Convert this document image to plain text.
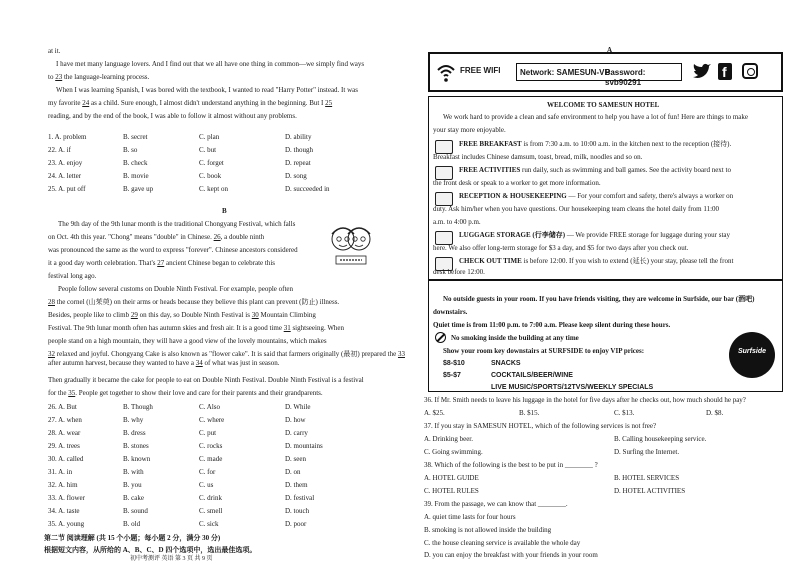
at it.
I have met many language lovers. And I find out that we all have one thing in common—we simply find ways
to 23 the language-learning process.
When I was learning Spanish, I was bored with the textbook, I wanted to read "Harry Potter" instead. It was
my favorite 24 as a child. Sure enough, I almost didn't understand anything in the beginning. But I 25
reading, and by the end of the book, I was able to follow it almost without any problems.
1. A. problem	B. secret	C. plan	D. ability
22. A. if	B. so	C. but	D. though
23. A. enjoy	B. check	C. forget	D. repeat
24. A. letter	B. movie	C. book	D. song
25. A. put off	B. gave up	C. kept on	D. succeeded in
B
The 9th day of the 9th lunar month is the traditional Chongyang Festival, which falls
on Oct. 4th this year. "Chong" means "double" in Chinese. 26, a double ninth
was pronounced the same as the word to express "forever". Chinese ancestors considered
it a good day worth celebration. That's 27 ancient Chinese began to celebrate this
festival long ago.
People follow several customs on Double Ninth Festival. For example, people often
28 the cornel (山茱萸) on their arms or heads because they believe this plant can prevent (防止) illness.
Besides, people like to climb 29 on this day, so Double Ninth Festival is 30 Mountain Climbing
Festival. The 9th lunar month often has autumn skies and fresh air. It is a good time 31 sightseeing. When
people stand on a high mountain, they will have a good view of the lovely mountains, which makes
32 relaxed and joyful. Chongyang Cake is also known as "flower cake". It is said that farmers originally (最初) prepared the 33 after autumn harvest, because they wanted to have a 34 of what was just in season.
Then gradually it became the cake for people to eat on Double Ninth Festival. Double Ninth Festival is a festival
for the 35. People get together to show their love and care for their parents and their grandparents.
26. A. But	B. Though	C. Also	D. While
27. A. when	B. why	C. where	D. how
28. A. wear	B. dress	C. put	D. carry
29. A. trees	B. stones	C. rocks	D. mountains
30. A. called	B. known	C. made	D. seen
31. A. in	B. with	C. for	D. on
32. A. him	B. you	C. us	D. them
33. A. flower	B. cake	C. drink	D. festival
34. A. taste	B. sound	C. smell	D. touch
35. A. young	B. old	C. sick	D. poor
第二节 阅读理解 (共 15 个小题；每小题 2 分，满分 30 分)
根据短文内容，从所给的 A、B、C、D 四个选项中，选出最佳选项。
初中考测评 英语 第 3 页 共 9 页
A
FREE WIFI Network: SAMESUN-VB
Password: svb90291
f
WELCOME TO SAMESUN HOTEL
We work hard to provide a clean and safe environment to help you have a lot of fun! Here are things to make
your stay more enjoyable.
FREE BREAKFAST is from 7:30 a.m. to 10:00 a.m. in the kitchen next to the reception (接待).
Breakfast includes Chinese damsum, toast, bread, milk, noodles and so on.
FREE ACTIVITIES run daily, such as swimming and ball games. See the activity board next to
the front desk or speak to a worker to get more information.
RECEPTION & HOUSEKEEPING — For your comfort and safety, there's always a worker on
duty. Ask him/her when you have questions. Our housekeeping team cleans the hotel daily from 11:00
a.m. to 4:00 p.m.
LUGGAGE STORAGE (行李储存) — We provide FREE storage for luggage during your stay
here. We also offer long-term storage for $3 a day, and $5 for two days after you check out.
CHECK OUT TIME is before 12:00. If you wish to extend (延长) your stay, please tell the front
desk before 12:00.
No outside guests in your room. If you have friends visiting, they are welcome in Surfside, our bar (酒吧)
downstairs.
Quiet time is from 11:00 p.m. to 7:00 a.m. Please keep silent during these hours.
No smoking inside the building at any time
Show your room key downstairs at SURFSIDE to enjoy VIP prices:
$8-$10	SNACKS
$5-$7	COCKTAILS/BEER/WINE
LIVE MUSIC/SPORTS/12TVS/WEEKLY SPECIALS
Surfside
36. If Mr. Smith needs to leave his luggage in the hotel for five days after he checks out, how much should he pay?
A. $25.	B. $15.	C. $13.	D. $8.
37. If you stay in SAMESUN HOTEL, which of the following services is not free?
A. Drinking beer.	B. Calling housekeeping service.
C. Going swimming.	D. Surfing the Internet.
38. Which of the following is the best to be put in ________ ?
A. HOTEL GUIDE	B. HOTEL SERVICES
C. HOTEL RULES	D. HOTEL ACTIVITIES
39. From the passage, we can know that ________.
A. quiet time lasts for four hours
B. smoking is not allowed inside the building
C. the house cleaning service is available the whole day
D. you can enjoy the breakfast with your friends in your room
